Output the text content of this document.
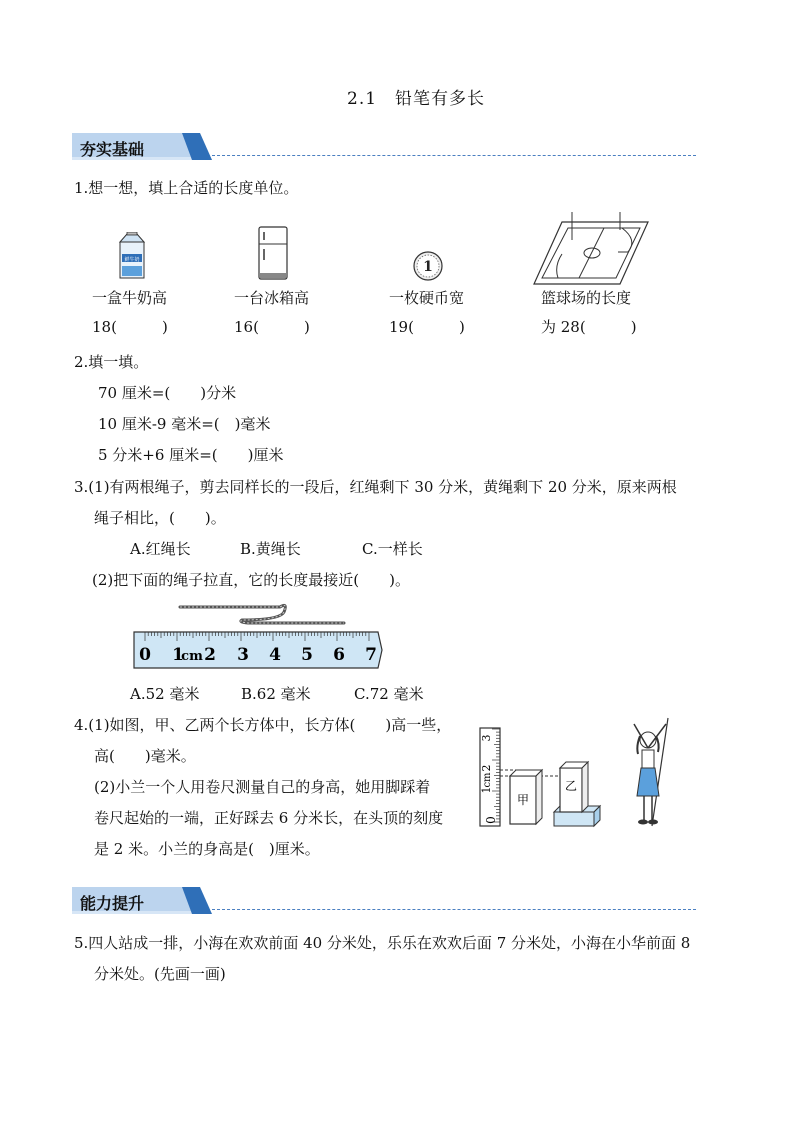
2.1　铅笔有多长
夯实基础
1.想一想，填上合适的长度单位。
鲜牛奶
一盒牛奶高
18(　　　)
一台冰箱高
16(　　　)
1
一枚硬币宽
19(　　　)
篮球场的长度
为 28(　　　)
2.填一填。
70 厘米=(　　)分米
10 厘米-9 毫米=(　)毫米
5 分米+6 厘米=(　　)厘米
3.(1)有两根绳子，剪去同样长的一段后，红绳剩下 30 分米，黄绳剩下 20 分米，原来两根
绳子相比，(　　)。
A.红绳长	B.黄绳长	C.一样长
(2)把下面的绳子拉直，它的长度最接近(　　)。
0 1
cm 2 3 4 5 6 7
A.52 毫米	B.62 毫米	C.72 毫米
4.(1)如图，甲、乙两个长方体中，长方体(　　)高一些，
高(　　)毫米。
(2)小兰一个人用卷尺测量自己的身高，她用脚踩着
卷尺起始的一端，正好踩去 6 分米长，在头顶的刻度
是 2 米。小兰的身高是(　)厘米。
0
1
cm
2
3
甲
乙
能力提升
5.四人站成一排，小海在欢欢前面 40 分米处，乐乐在欢欢后面 7 分米处，小海在小华前面 8
分米处。(先画一画)
